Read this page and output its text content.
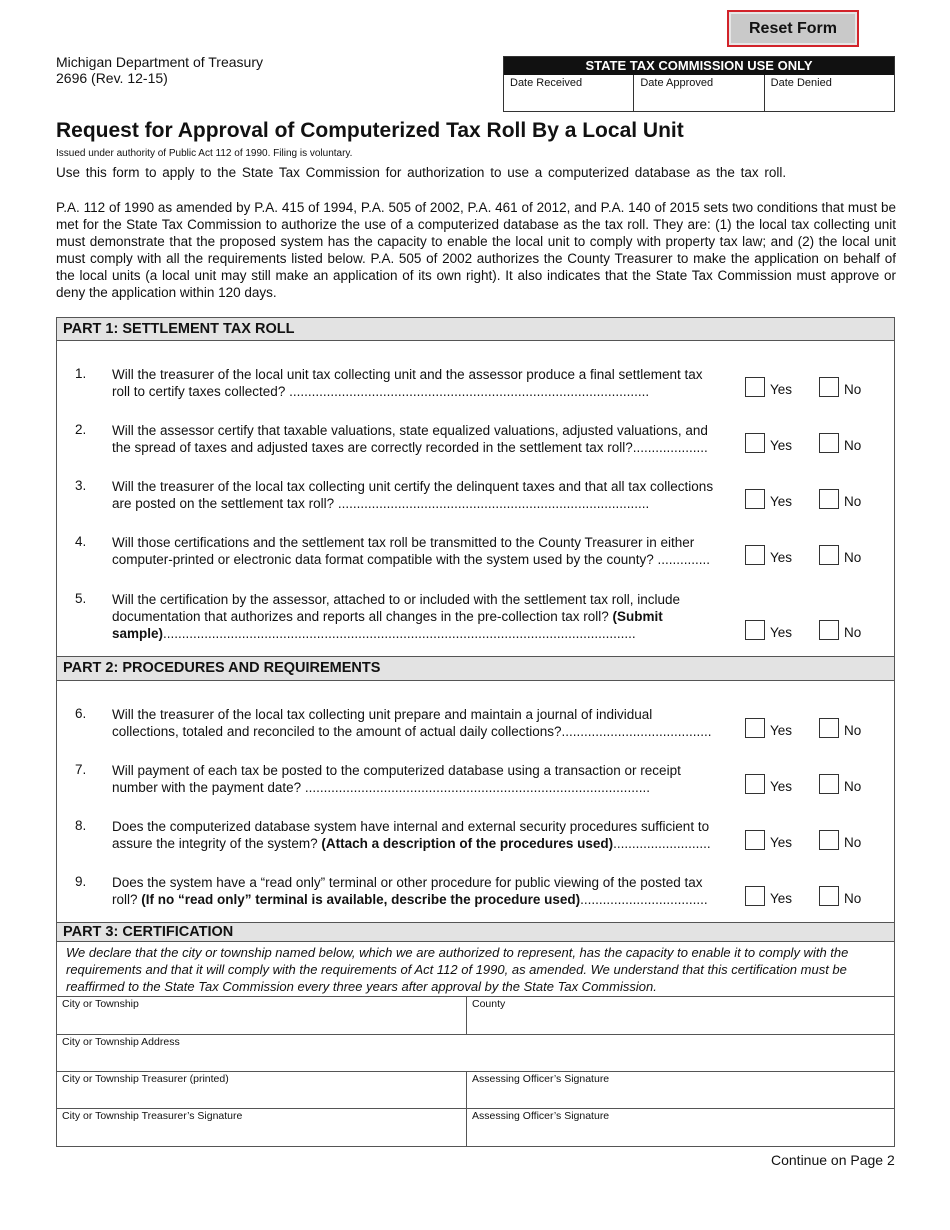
Reset Form
Michigan Department of Treasury
2696 (Rev. 12-15)
STATE TAX COMMISSION USE ONLY
Date Received	Date Approved	Date Denied
Request for Approval of Computerized Tax Roll By a Local Unit
Issued under authority of Public Act 112 of 1990. Filing is voluntary.
Use this form to apply to the State Tax Commission for authorization to use a computerized database as the tax roll.
P.A. 112 of 1990 as amended by P.A. 415 of 1994, P.A. 505 of 2002, P.A. 461 of 2012, and P.A. 140 of 2015 sets two conditions that must be met for the State Tax Commission to authorize the use of a computerized database as the tax roll. They are: (1) the local tax collecting unit must demonstrate that the proposed system has the capacity to enable the local unit to comply with property tax law; and (2) the local unit must comply with all the requirements listed below. P.A. 505 of 2002 authorizes the County Treasurer to make the application on behalf of the local units (a local unit may still make an application of its own right). It also indicates that the State Tax Commission must approve or deny the application within 120 days.
PART 1: SETTLEMENT TAX ROLL
1. Will the treasurer of the local unit tax collecting unit and the assessor produce a final settlement tax
roll to certify taxes collected? ................................................................................................	Yes	No
2. Will the assessor certify that taxable valuations, state equalized valuations, adjusted valuations, and
the spread of taxes and adjusted taxes are correctly recorded in the settlement tax roll?....................	Yes	No
3. Will the treasurer of the local tax collecting unit certify the delinquent taxes and that all tax collections
are posted on the settlement tax roll? ...................................................................................	Yes	No
4. Will those certifications and the settlement tax roll be transmitted to the County Treasurer in either
computer-printed or electronic data format compatible with the system used by the county? ..............	Yes	No
5. Will the certification by the assessor, attached to or included with the settlement tax roll, include
documentation that authorizes and reports all changes in the pre-collection tax roll? (Submit
sample)..............................................................................................................................	Yes	No
6. Will the treasurer of the local tax collecting unit prepare and maintain a journal of individual
collections, totaled and reconciled to the amount of actual daily collections?........................................	Yes	No
7. Will payment of each tax be posted to the computerized database using a transaction or receipt
number with the payment date? ............................................................................................	Yes	No
8. Does the computerized database system have internal and external security procedures sufficient to
assure the integrity of the system? (Attach a description of the procedures used)..........................	Yes	No
9. Does the system have a “read only” terminal or other procedure for public viewing of the posted tax
roll? (If no “read only” terminal is available, describe the procedure used)..................................	Yes	No
PART 2: PROCEDURES AND REQUIREMENTS
PART 3: CERTIFICATION
We declare that the city or township named below, which we are authorized to represent, has the capacity to enable it to comply with the requirements and that it will comply with the requirements of Act 112 of 1990, as amended. We understand that this certification must be reaffirmed to the State Tax Commission every three years after approval by the State Tax Commission.
City or Township	County
City or Township Address
City or Township Treasurer (printed)	Assessing Officer’s Signature
City or Township Treasurer’s Signature	Assessing Officer’s Signature
Continue on Page 2
